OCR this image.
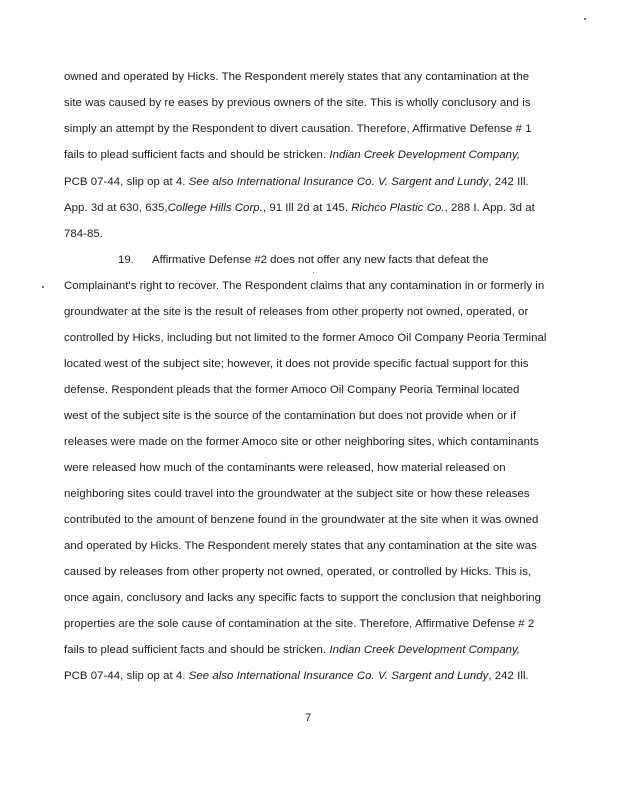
owned and operated by Hicks. The Respondent merely states that any contamination at the
site was caused by re eases by previous owners of the site. This is wholly conclusory and is
simply an attempt by the Respondent to divert causation. Therefore, Affirmative Defense # 1
fails to plead sufficient facts and should be stricken. Indian Creek Development Company,
PCB 07-44, slip op at 4. See also International Insurance Co. V. Sargent and Lundy, 242 Ill.
App. 3d at 630, 635,College Hills Corp., 91 Ill 2d at 145. Richco Plastic Co., 288 I. App. 3d at
784-85.
19. Affirmative Defense #2 does not offer any new facts that defeat the
Complainant's right to recover. The Respondent claims that any contamination in or formerly in
groundwater at the site is the result of releases from other property not owned, operated, or
controlled by Hicks, including but not limited to the former Amoco Oil Company Peoria Terminal
located west of the subject site; however, it does not provide specific factual support for this
defense. Respondent pleads that the former Amoco Oil Company Peoria Terminal located
west of the subject site is the source of the contamination but does not provide when or if
releases were made on the former Amoco site or other neighboring sites, which contaminants
were released how much of the contaminants were released, how material released on
neighboring sites could travel into the groundwater at the subject site or how these releases
contributed to the amount of benzene found in the groundwater at the site when it was owned
and operated by Hicks. The Respondent merely states that any contamination at the site was
caused by releases from other property not owned, operated, or controlled by Hicks. This is,
once again, conclusory and lacks any specific facts to support the conclusion that neighboring
properties are the sole cause of contamination at the site. Therefore, Affirmative Defense # 2
fails to plead sufficient facts and should be stricken. Indian Creek Development Company,
PCB 07-44, slip op at 4. See also International Insurance Co. V. Sargent and Lundy, 242 Ill.
7
